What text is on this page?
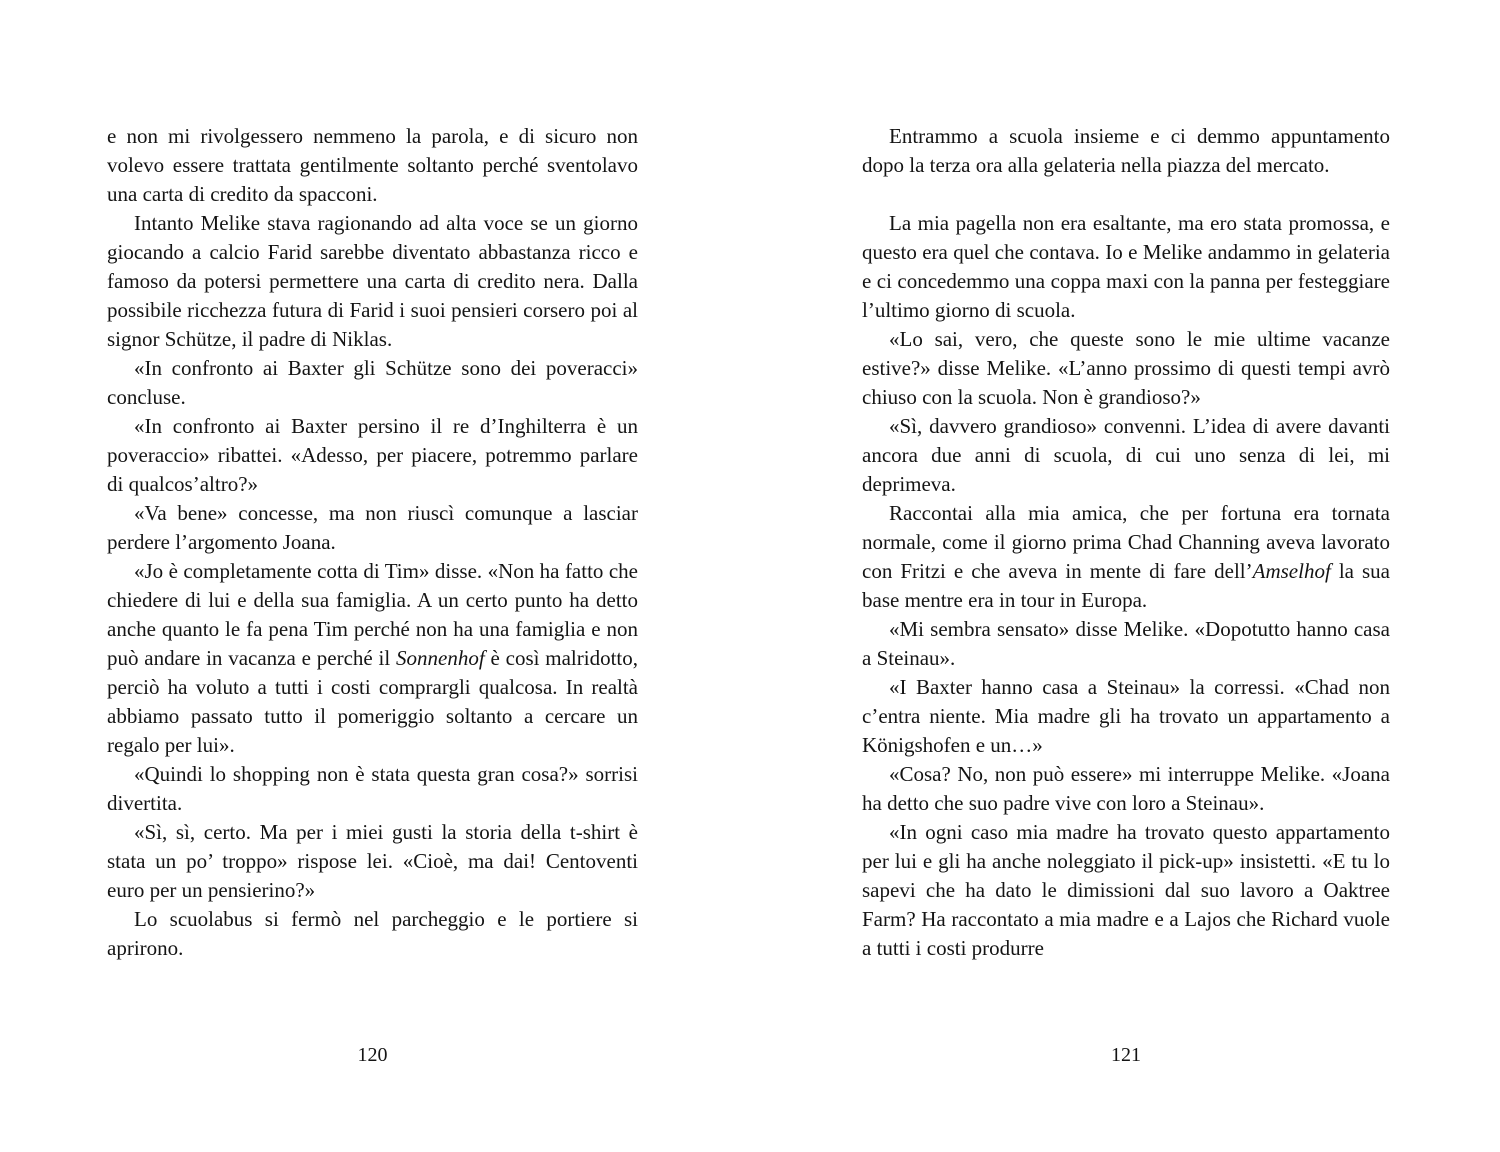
e non mi rivolgessero nemmeno la parola, e di sicuro non volevo essere trattata gentilmente soltanto perché sventolavo una carta di credito da spacconi.

Intanto Melike stava ragionando ad alta voce se un giorno giocando a calcio Farid sarebbe diventato abbastanza ricco e famoso da potersi permettere una carta di credito nera. Dalla possibile ricchezza futura di Farid i suoi pensieri corsero poi al signor Schütze, il padre di Niklas.

«In confronto ai Baxter gli Schütze sono dei poveracci» concluse.

«In confronto ai Baxter persino il re d’Inghilterra è un poveraccio» ribattei. «Adesso, per piacere, potremmo parlare di qualcos’altro?»

«Va bene» concesse, ma non riuscì comunque a lasciar perdere l’argomento Joana.

«Jo è completamente cotta di Tim» disse. «Non ha fatto che chiedere di lui e della sua famiglia. A un certo punto ha detto anche quanto le fa pena Tim perché non ha una famiglia e non può andare in vacanza e perché il Sonnenhof è così malridotto, perciò ha voluto a tutti i costi comprargli qualcosa. In realtà abbiamo passato tutto il pomeriggio soltanto a cercare un regalo per lui».

«Quindi lo shopping non è stata questa gran cosa?» sorrisi divertita.

«Sì, sì, certo. Ma per i miei gusti la storia della t-shirt è stata un po’ troppo» rispose lei. «Cioè, ma dai! Centoventi euro per un pensierino?»

Lo scuolabus si fermò nel parcheggio e le portiere si aprirono.

120

Entrammo a scuola insieme e ci demmo appuntamento dopo la terza ora alla gelateria nella piazza del mercato.

La mia pagella non era esaltante, ma ero stata promossa, e questo era quel che contava. Io e Melike andammo in gelateria e ci concedemmo una coppa maxi con la panna per festeggiare l’ultimo giorno di scuola.

«Lo sai, vero, che queste sono le mie ultime vacanze estive?» disse Melike. «L’anno prossimo di questi tempi avrò chiuso con la scuola. Non è grandioso?»

«Sì, davvero grandioso» convenni. L’idea di avere davanti ancora due anni di scuola, di cui uno senza di lei, mi deprimeva.

Raccontai alla mia amica, che per fortuna era tornata normale, come il giorno prima Chad Channing aveva lavorato con Fritzi e che aveva in mente di fare dell’Amselhof la sua base mentre era in tour in Europa.

«Mi sembra sensato» disse Melike. «Dopotutto hanno casa a Steinau».

«I Baxter hanno casa a Steinau» la corressi. «Chad non c’entra niente. Mia madre gli ha trovato un appartamento a Königshofen e un…»

«Cosa? No, non può essere» mi interruppe Melike. «Joana ha detto che suo padre vive con loro a Steinau».

«In ogni caso mia madre ha trovato questo appartamento per lui e gli ha anche noleggiato il pick-up» insistetti. «E tu lo sapevi che ha dato le dimissioni dal suo lavoro a Oaktree Farm? Ha raccontato a mia madre e a Lajos che Richard vuole a tutti i costi produrre

121
